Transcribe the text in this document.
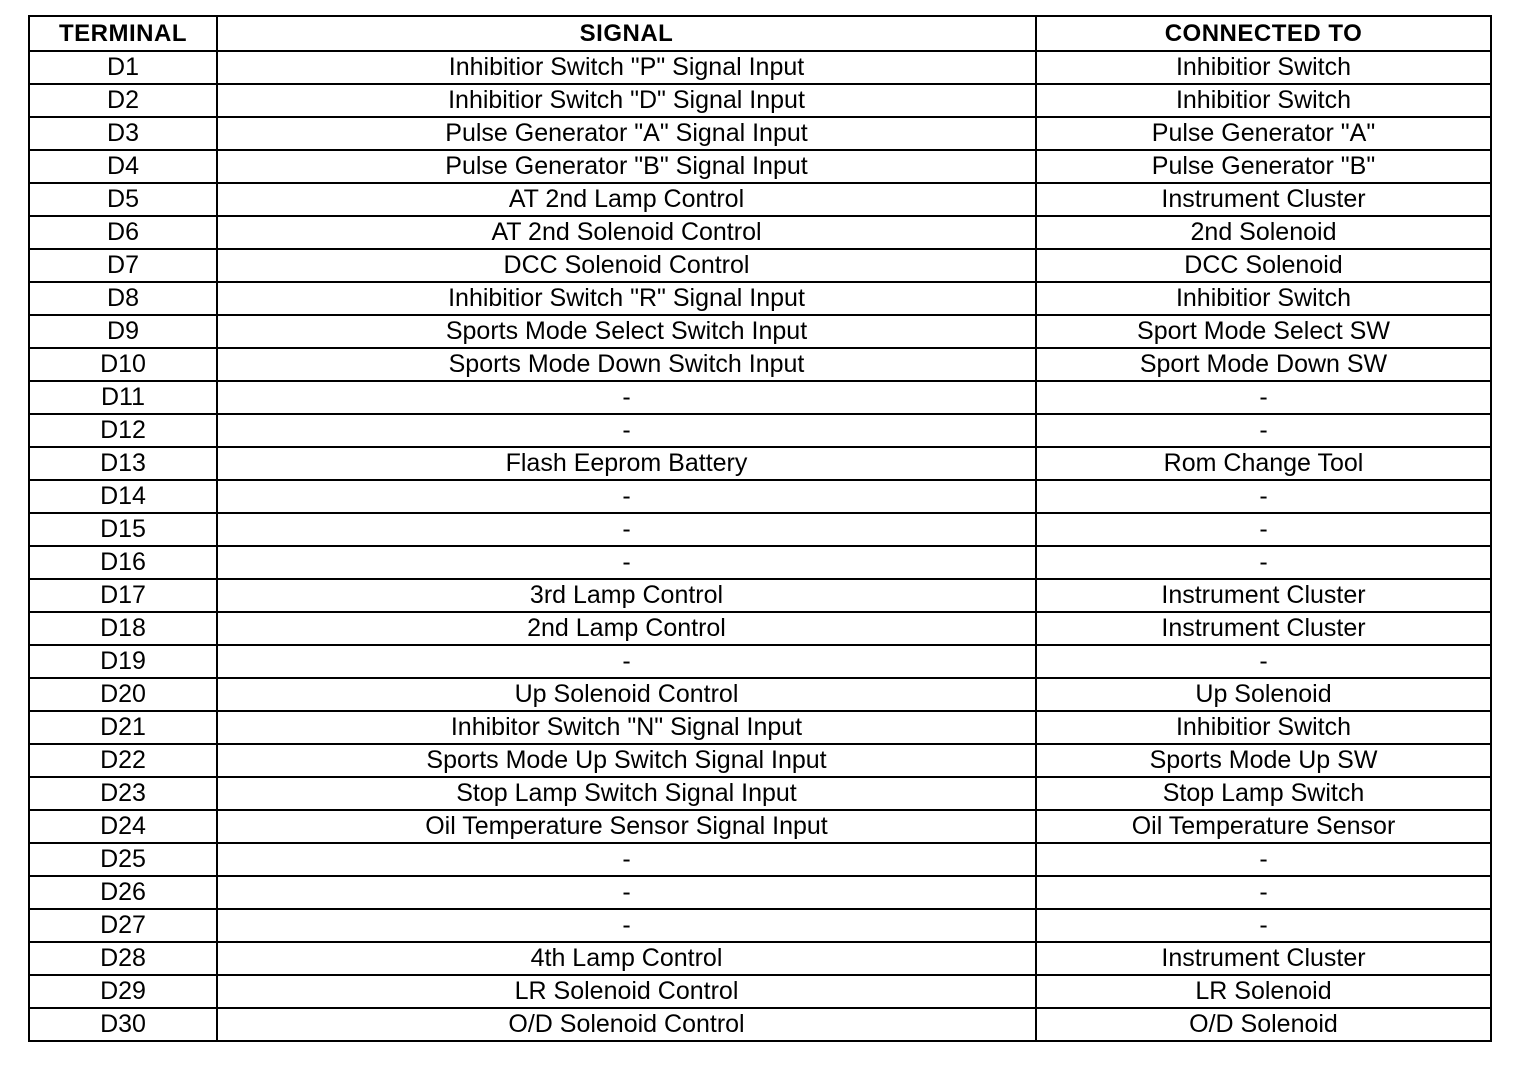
TERMINAL	SIGNAL	CONNECTED TO
D1	Inhibitior Switch "P" Signal Input	Inhibitior Switch
D2	Inhibitior Switch "D" Signal Input	Inhibitior Switch
D3	Pulse Generator "A" Signal Input	Pulse Generator "A"
D4	Pulse Generator "B" Signal Input	Pulse Generator "B"
D5	AT 2nd Lamp Control	Instrument Cluster
D6	AT 2nd Solenoid Control	2nd Solenoid
D7	DCC Solenoid Control	DCC Solenoid
D8	Inhibitior Switch "R" Signal Input	Inhibitior Switch
D9	Sports Mode Select Switch Input	Sport Mode Select SW
D10	Sports Mode Down Switch Input	Sport Mode Down SW
D11	-	-
D12	-	-
D13	Flash Eeprom Battery	Rom Change Tool
D14	-	-
D15	-	-
D16	-	-
D17	3rd Lamp Control	Instrument Cluster
D18	2nd Lamp Control	Instrument Cluster
D19	-	-
D20	Up Solenoid Control	Up Solenoid
D21	Inhibitor Switch "N" Signal Input	Inhibitior Switch
D22	Sports Mode Up Switch Signal Input	Sports Mode Up SW
D23	Stop Lamp Switch Signal Input	Stop Lamp Switch
D24	Oil Temperature Sensor Signal Input	Oil Temperature Sensor
D25	-	-
D26	-	-
D27	-	-
D28	4th Lamp Control	Instrument Cluster
D29	LR Solenoid Control	LR Solenoid
D30	O/D Solenoid Control	O/D Solenoid
